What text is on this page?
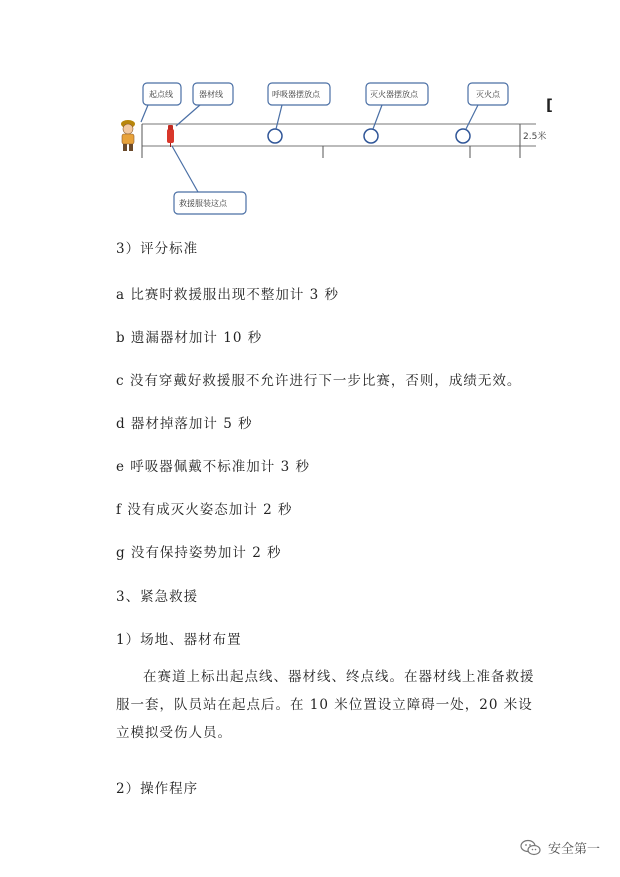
2.5米
[
起点线	器材线	呼吸器摆放点	灭火器摆放点	灭火点
救援服装这点
3）评分标准
a 比赛时救援服出现不整加计 3 秒
b 遗漏器材加计 10 秒
c 没有穿戴好救援服不允许进行下一步比赛，否则，成绩无效。
d 器材掉落加计 5 秒
e 呼吸器佩戴不标准加计 3 秒
f 没有成灭火姿态加计 2 秒
g 没有保持姿势加计 2 秒
3、紧急救援
1）场地、器材布置
在赛道上标出起点线、器材线、终点线。在器材线上准备救援服一套，队员站在起点后。在 10 米位置设立障碍一处，20 米设立模拟受伤人员。
2）操作程序
安全第一
